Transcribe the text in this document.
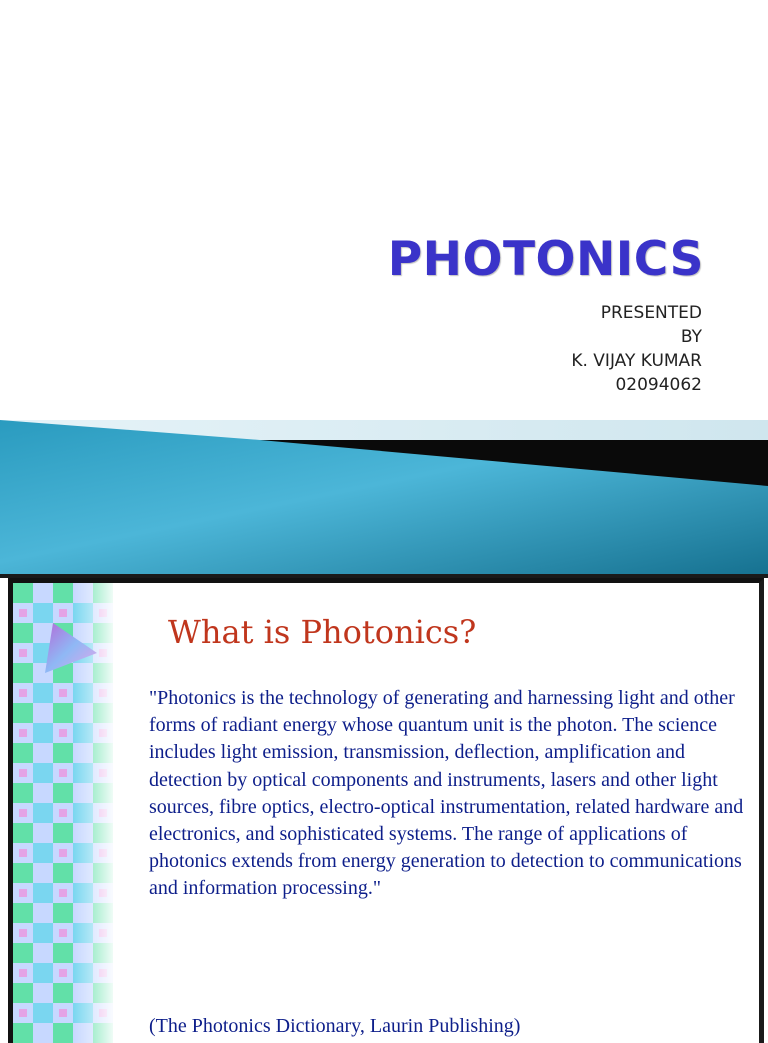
PHOTONICS
PRESENTED
BY
K. VIJAY KUMAR
02094062
What is Photonics?

"Photonics is the technology of generating and harnessing light and other forms of radiant energy whose quantum unit is the photon. The science includes light emission, transmission, deflection, amplification and detection by optical components and instruments, lasers and other light sources, fibre optics, electro-optical instrumentation, related hardware and electronics, and sophisticated systems. The range of applications of photonics extends from energy generation to detection to communications and information processing."

(The Photonics Dictionary, Laurin Publishing)
